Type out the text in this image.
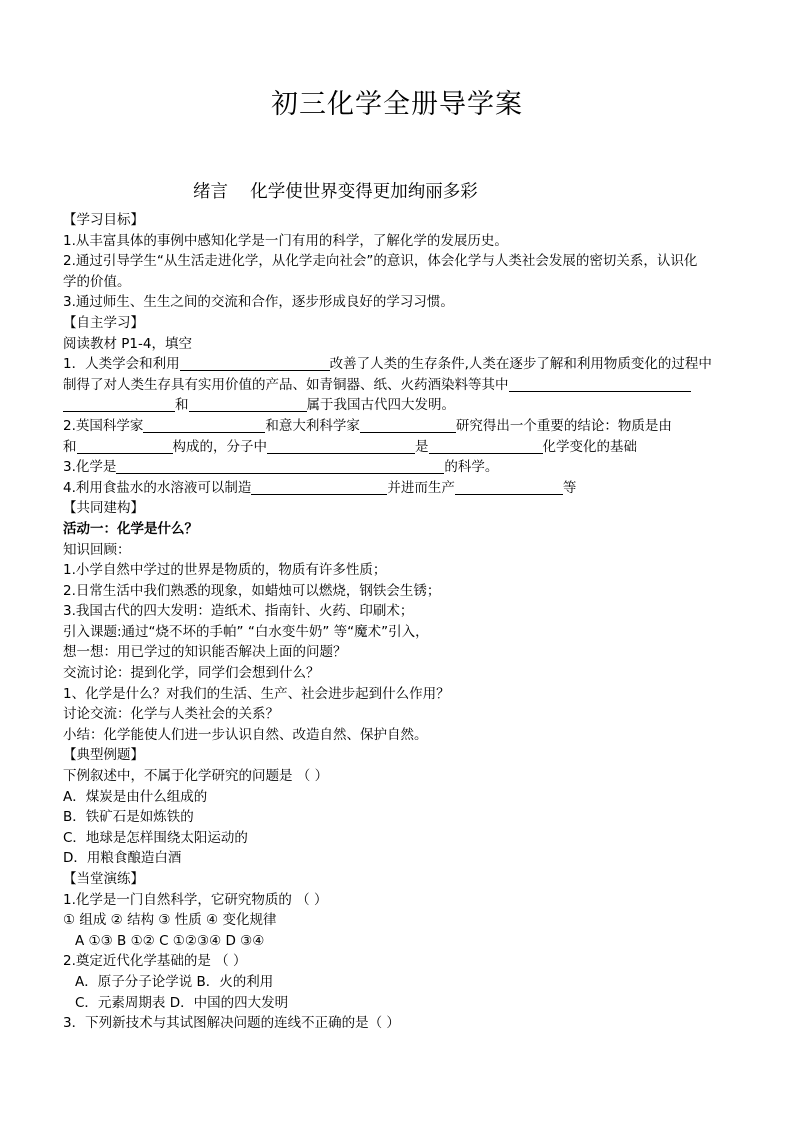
初三化学全册导学案
绪言    化学使世界变得更加绚丽多彩
【学习目标】
1.从丰富具体的事例中感知化学是一门有用的科学，了解化学的发展历史。
2.通过引导学生“从生活走进化学，从化学走向社会”的意识，体会化学与人类社会发展的密切关系，认识化
学的价值。
3.通过师生、生生之间的交流和合作，逐步形成良好的学习习惯。
【自主学习】
阅读教材 P1-4，填空
1．人类学会和利用	改善了人类的生存条件,人类在逐步了解和利用物质变化的过程中
制得了对人类生存具有实用价值的产品、如青铜器、纸、火药酒染料等其中
和	属于我国古代四大发明。
2.英国科学家	和意大利科学家	研究得出一个重要的结论：物质是由
和	构成的，分子中	是	化学变化的基础
3.化学是	的科学。
4.利用食盐水的水溶液可以制造	并进而生产	等
【共同建构】
活动一：化学是什么？
知识回顾：
1.小学自然中学过的世界是物质的，物质有许多性质；
2.日常生活中我们熟悉的现象，如蜡烛可以燃烧，钢铁会生锈；
3.我国古代的四大发明：造纸术、指南针、火药、印刷术；
引入课题:通过“烧不坏的手帕” “白水变牛奶” 等“魔术”引入，
想一想：用已学过的知识能否解决上面的问题？
交流讨论：提到化学，同学们会想到什么？
1、化学是什么？对我们的生活、生产、社会进步起到什么作用？
讨论交流：化学与人类社会的关系？
小结：化学能使人们进一步认识自然、改造自然、保护自然。
【典型例题】
下例叙述中，不属于化学研究的问题是 （ ）
A．煤炭是由什么组成的
B．铁矿石是如炼铁的
C．地球是怎样围绕太阳运动的
D．用粮食酿造白酒
【当堂演练】
1.化学是一门自然科学，它研究物质的 （ ）
① 组成 ② 结构 ③ 性质 ④ 变化规律
A ①③ B ①② C ①②③④ D ③④
2.奠定近代化学基础的是 （ ）
A．原子分子论学说 B．火的利用
C．元素周期表 D．中国的四大发明
3．下列新技术与其试图解决问题的连线不正确的是（ ）
